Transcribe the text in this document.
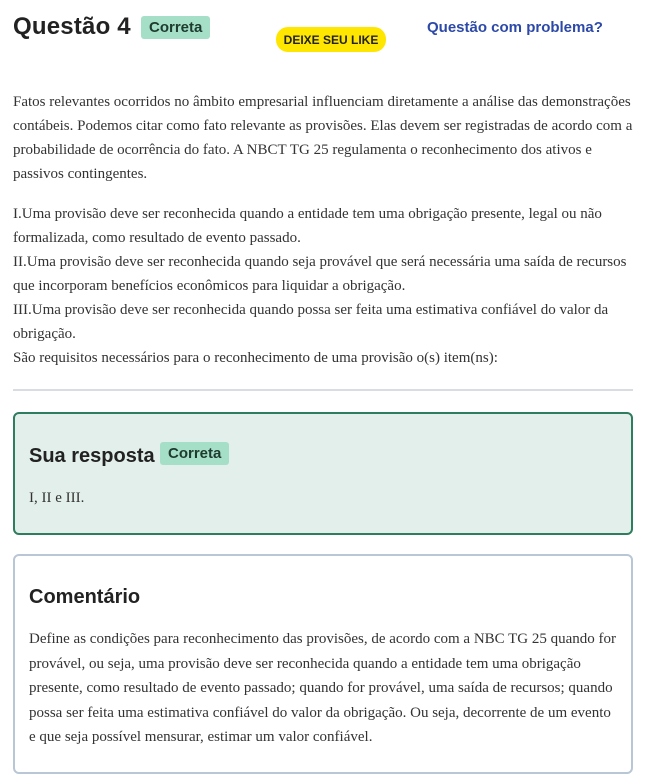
Questão 4	Correta
DEIXE SEU LIKE
Questão com problema?

Fatos relevantes ocorridos no âmbito empresarial influenciam diretamente a análise das demonstrações contábeis. Podemos citar como fato relevante as provisões. Elas devem ser registradas de acordo com a probabilidade de ocorrência do fato. A NBCT TG 25 regulamenta o reconhecimento dos ativos e passivos contingentes.

I.Uma provisão deve ser reconhecida quando a entidade tem uma obrigação presente, legal ou não formalizada, como resultado de evento passado.

II.Uma provisão deve ser reconhecida quando seja provável que será necessária uma saída de recursos que incorporam benefícios econômicos para liquidar a obrigação.

III.Uma provisão deve ser reconhecida quando possa ser feita uma estimativa confiável do valor da obrigação.

São requisitos necessários para o reconhecimento de uma provisão o(s) item(ns):

Sua resposta Correta
I, II e III.
Comentário

Define as condições para reconhecimento das provisões, de acordo com a NBC TG 25 quando for provável, ou seja, uma provisão deve ser reconhecida quando a entidade tem uma obrigação presente, como resultado de evento passado; quando for provável, uma saída de recursos; quando possa ser feita uma estimativa confiável do valor da obrigação. Ou seja, decorrente de um evento e que seja possível mensurar, estimar um valor confiável.
